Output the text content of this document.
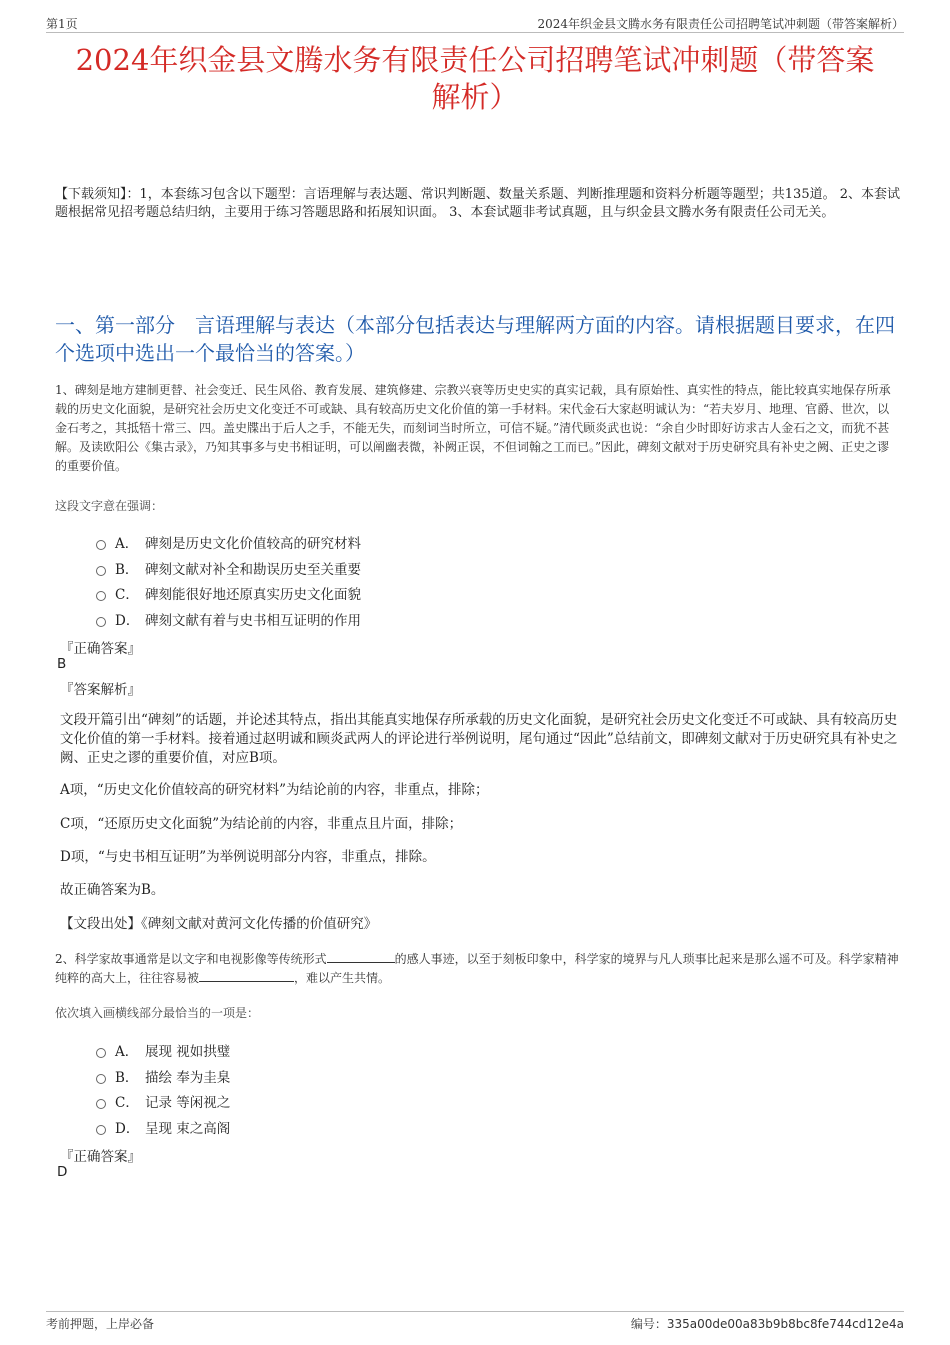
第1页	2024年织金县文腾水务有限责任公司招聘笔试冲刺题（带答案解析）
2024年织金县文腾水务有限责任公司招聘笔试冲刺题（带答案
解析）
【下载须知】：1，本套练习包含以下题型：言语理解与表达题、常识判断题、数量关系题、判断推理题和资料分析题等题型；共135道。 2、本套试题根据常见招考题总结归纳，主要用于练习答题思路和拓展知识面。 3、本套试题非考试真题，且与织金县文腾水务有限责任公司无关。
一、第一部分　言语理解与表达（本部分包括表达与理解两方面的内容。请根据题目要求，在四个选项中选出一个最恰当的答案。）
1、碑刻是地方建制更替、社会变迁、民生风俗、教育发展、建筑修建、宗教兴衰等历史史实的真实记载，具有原始性、真实性的特点，能比较真实地保存所承载的历史文化面貌，是研究社会历史文化变迁不可或缺、具有较高历史文化价值的第一手材料。宋代金石大家赵明诚认为：“若夫岁月、地理、官爵、世次，以金石考之，其抵牾十常三、四。盖史牒出于后人之手，不能无失，而刻词当时所立，可信不疑。”清代顾炎武也说：“余自少时即好访求古人金石之文，而犹不甚解。及读欧阳公《集古录》，乃知其事多与史书相证明，可以阐幽表微，补阙正误，不但词翰之工而已。”因此，碑刻文献对于历史研究具有补史之阙、正史之谬的重要价值。
这段文字意在强调：
A． 碑刻是历史文化价值较高的研究材料
B． 碑刻文献对补全和勘误历史至关重要
C． 碑刻能很好地还原真实历史文化面貌
D． 碑刻文献有着与史书相互证明的作用
『正确答案』
B
『答案解析』
文段开篇引出“碑刻”的话题，并论述其特点，指出其能真实地保存所承载的历史文化面貌，是研究社会历史文化变迁不可或缺、具有较高历史文化价值的第一手材料。接着通过赵明诚和顾炎武两人的评论进行举例说明，尾句通过“因此”总结前文，即碑刻文献对于历史研究具有补史之阙、正史之谬的重要价值，对应B项。
A项，“历史文化价值较高的研究材料”为结论前的内容，非重点，排除；
C项，“还原历史文化面貌”为结论前的内容，非重点且片面，排除；
D项，“与史书相互证明”为举例说明部分内容，非重点，排除。
故正确答案为B。
【文段出处】《碑刻文献对黄河文化传播的价值研究》
2、科学家故事通常是以文字和电视影像等传统形式	的感人事迹，以至于刻板印象中，科学家的境界与凡人琐事比起来是那么遥不可及。科学家精神纯粹的高大上，往往容易被	，难以产生共情。
依次填入画横线部分最恰当的一项是：
A． 展现 视如拱璧
B． 描绘 奉为圭臬
C． 记录 等闲视之
D． 呈现 束之高阁
『正确答案』
D
考前押题，上岸必备	编号：335a00de00a83b9b8bc8fe744cd12e4a
